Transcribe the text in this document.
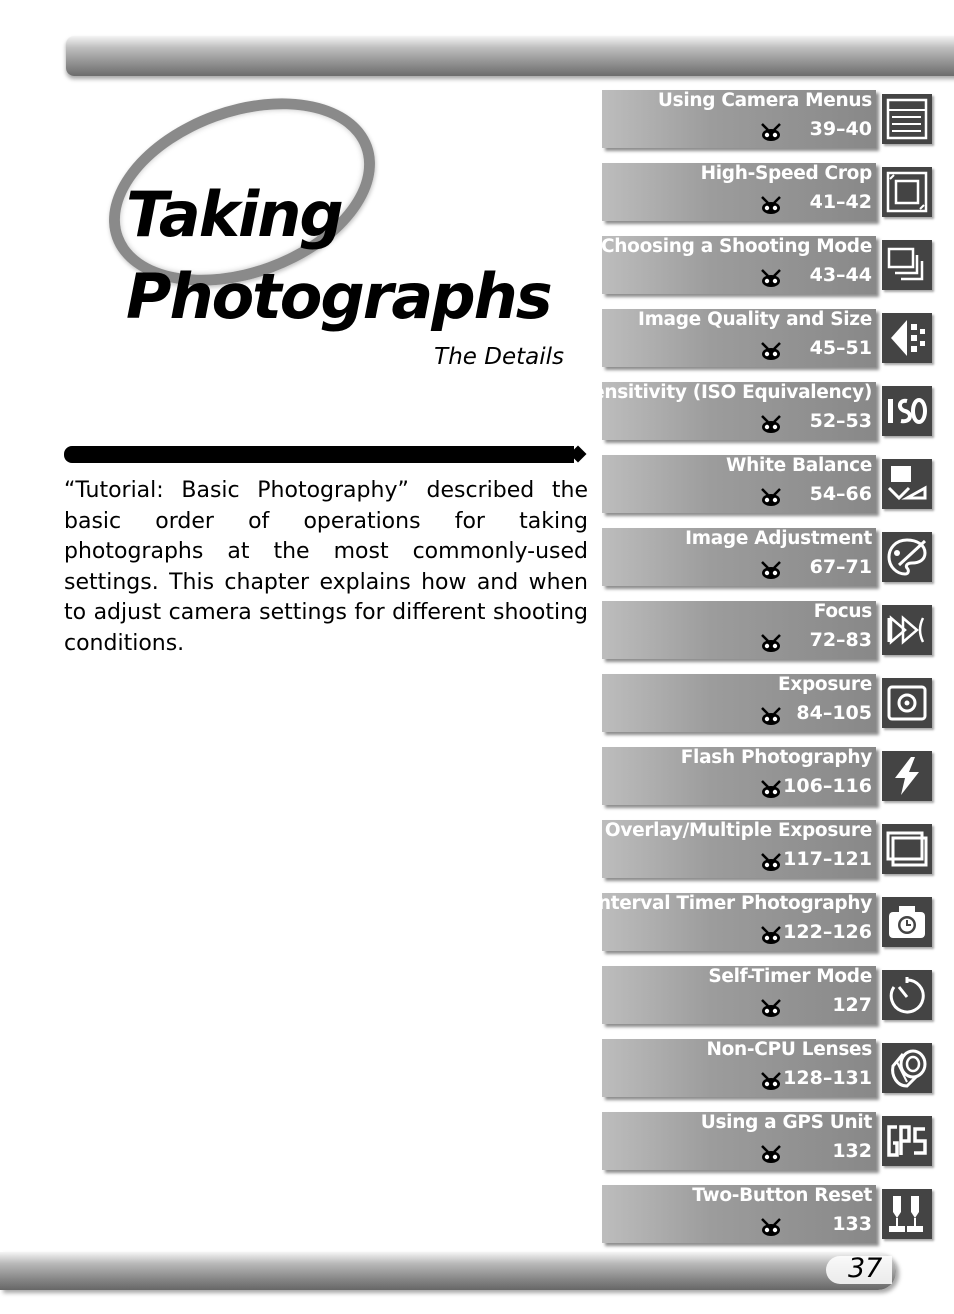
Taking
Photographs
The Details

“Tutorial: Basic Photography” described the basic order of operations for taking photographs at the most commonly-used settings. This chapter explains how and when to adjust camera settings for different shooting conditions.

Using Camera Menus
39–40
High-Speed Crop
41–42
Choosing a Shooting Mode
43–44
Image Quality and Size
45–51
Sensitivity (ISO Equivalency)
52–53
White Balance
54–66
Image Adjustment
67–71
Focus
72–83
Exposure
84–105
Flash Photography
106–116
Overlay/Multiple Exposure
117–121
Interval Timer Photography
122–126
Self-Timer Mode
127
Non-CPU Lenses
128–131
Using a GPS Unit
132
Two-Button Reset
133
37
